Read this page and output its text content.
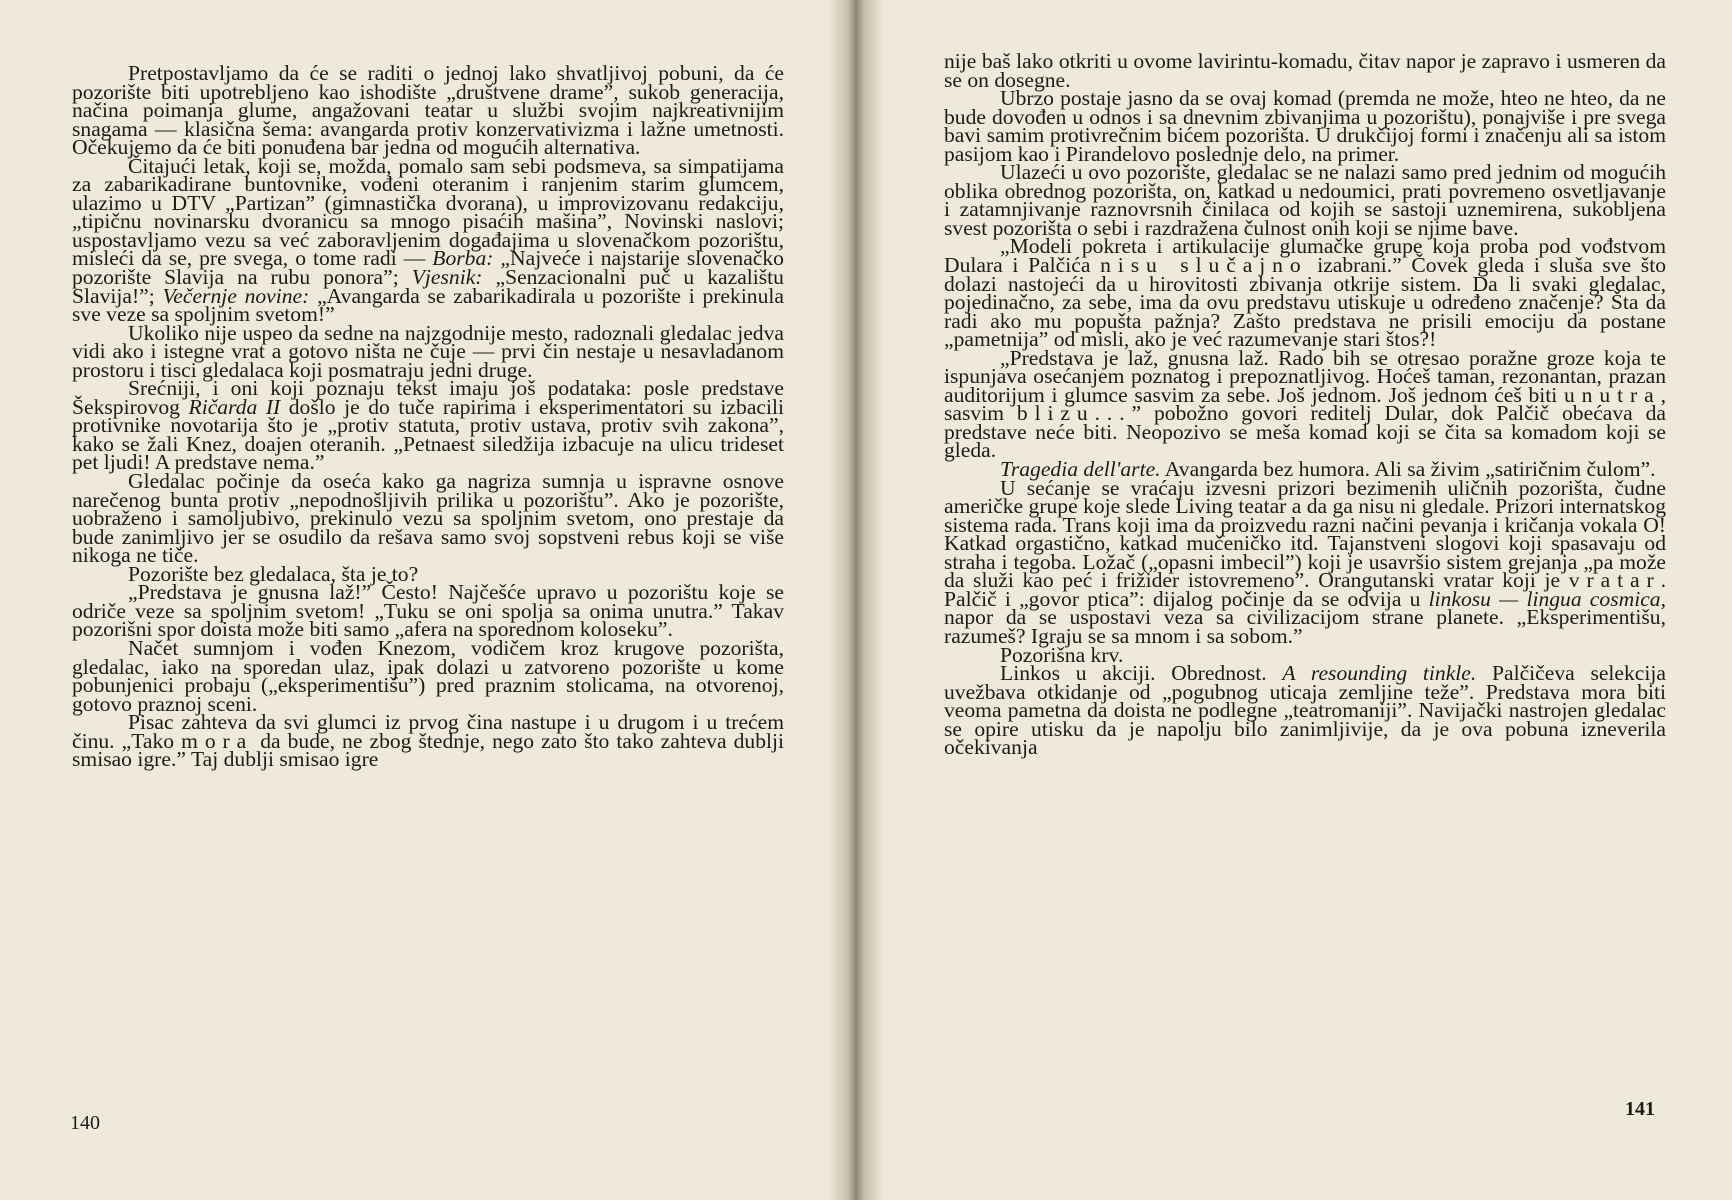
Pretpostavljamo da će se raditi o jednoj lako shvatljivoj pobuni, da će pozorište biti upotrebljeno kao ishodište „društvene drame”, sukob generacija, načina poimanja glume, angažovani teatar u službi svojim najkreativnijim snagama — klasična šema: avangarda protiv konzervativizma i lažne umetnosti. Očekujemo da će biti ponuđena bar jedna od mogućih alternativa.

Čitajući letak, koji se, možda, pomalo sam sebi podsmeva, sa simpatijama za zabarikadirane buntovnike, vođeni oteranim i ranjenim starim glumcem, ulazimo u DTV „Partizan” (gimnastička dvorana), u improvizovanu redakciju, „tipičnu novinarsku dvoranicu sa mnogo pisaćih mašina”, Novinski naslovi; uspostavljamo vezu sa već zaboravljenim događajima u slovenačkom pozorištu, misleći da se, pre svega, o tome radi — Borba: „Najveće i najstarije slovenačko pozorište Slavija na rubu ponora”; Vjesnik: „Senzacionalni puč u kazalištu Slavija!”; Večernje novine: „Avangarda se zabarikadirala u pozorište i prekinula sve veze sa spoljnim svetom!”

Ukoliko nije uspeo da sedne na najzgodnije mesto, radoznali gledalac jedva vidi ako i istegne vrat a gotovo ništa ne čuje — prvi čin nestaje u nesavladanom prostoru i tisci gledalaca koji posmatraju jedni druge.

Srećniji, i oni koji poznaju tekst imaju još podataka: posle predstave Šekspirovog Ričarda II došlo je do tuče rapirima i eksperimentatori su izbacili protivnike novotarija što je „protiv statuta, protiv ustava, protiv svih zakona”, kako se žali Knez, doajen oteranih. „Petnaest siledžija izbacuje na ulicu trideset pet ljudi! A predstave nema.”

Gledalac počinje da oseća kako ga nagriza sumnja u ispravne osnove narečenog bunta protiv „nepodnošljivih prilika u pozorištu”. Ako je pozorište, uobraženo i samoljubivo, prekinulo vezu sa spoljnim svetom, ono prestaje da bude zanimljivo jer se osudilo da rešava samo svoj sopstveni rebus koji se više nikoga ne tiče.

Pozorište bez gledalaca, šta je to?

„Predstava je gnusna laž!” Često! Najčešće upravo u pozorištu koje se odriče veze sa spoljnim svetom! „Tuku se oni spolja sa onima unutra.” Takav pozorišni spor doista može biti samo „afera na sporednom koloseku”.

Načet sumnjom i vođen Knezom, vodičem kroz krugove pozorišta, gledalac, iako na sporedan ulaz, ipak dolazi u zatvoreno pozorište u kome pobunjenici probaju („eksperimentišu”) pred praznim stolicama, na otvorenoj, gotovo praznoj sceni.

Pisac zahteva da svi glumci iz prvog čina nastupe i u drugom i u trećem činu. „Tako mora da bude, ne zbog štednje, nego zato što tako zahteva dublji smisao igre.” Taj dublji smisao igre

140

nije baš lako otkriti u ovome lavirintu-komadu, čitav napor je zapravo i usmeren da se on dosegne.

Ubrzo postaje jasno da se ovaj komad (premda ne može, hteo ne hteo, da ne bude dovođen u odnos i sa dnevnim zbivanjima u pozorištu), ponajviše i pre svega bavi samim protivrečnim bićem pozorišta. U drukčijoj formi i značenju ali sa istom pasijom kao i Pirandelovo poslednje delo, na primer.

Ulazeći u ovo pozorište, gledalac se ne nalazi samo pred jednim od mogućih oblika obrednog pozorišta, on, katkad u nedoumici, prati povremeno osvetljavanje i zatamnjivanje raznovrsnih činilaca od kojih se sastoji uznemirena, sukobljena svest pozorišta o sebi i razdražena čulnost onih koji se njime bave.

„Modeli pokreta i artikulacije glumačke grupe koja proba pod vođstvom Dulara i Palčića nisu slučajno izabrani.” Čovek gleda i sluša sve što dolazi nastojeći da u hirovitosti zbivanja otkrije sistem. Da li svaki gledalac, pojedinačno, za sebe, ima da ovu predstavu utiskuje u određeno značenje? Šta da radi ako mu popušta pažnja? Zašto predstava ne prisili emociju da postane „pametnija” od misli, ako je već razumevanje stari štos?!

„Predstava je laž, gnusna laž. Rado bih se otresao poražne groze koja te ispunjava osećanjem poznatog i prepoznatljivog. Hoćeš taman, rezonantan, prazan auditorijum i glumce sasvim za sebe. Još jednom. Još jednom ćeš biti unutra, sasvim blizu...” pobožno govori reditelj Dular, dok Palčič obećava da predstave neće biti. Neopozivo se meša komad koji se čita sa komadom koji se gleda.

Tragedia dell'arte. Avangarda bez humora. Ali sa živim „satiričnim čulom”.

U sećanje se vraćaju izvesni prizori bezimenih uličnih pozorišta, čudne američke grupe koje slede Living teatar a da ga nisu ni gledale. Prizori internatskog sistema rada. Trans koji ima da proizvedu razni načini pevanja i kričanja vokala O! Katkad orgastično, katkad mučeničko itd. Tajanstveni slogovi koji spasavaju od straha i tegoba. Ložač („opasni imbecil”) koji je usavršio sistem grejanja „pa može da služi kao peć i frižider istovremeno”. Orangutanski vratar koji je vratar. Palčič i „govor ptica”: dijalog počinje da se odvija u linkosu — lingua cosmica, napor da se uspostavi veza sa civilizacijom strane planete. „Eksperimentišu, razumeš? Igraju se sa mnom i sa sobom.”

Pozorišna krv.

Linkos u akciji. Obrednost. A resounding tinkle. Palčičeva selekcija uvežbava otkidanje od „pogubnog uticaja zemljine teže”. Predstava mora biti veoma pametna da doista ne podlegne „teatromaniji”. Navijački nastrojen gledalac se opire utisku da je napolju bilo zanimljivije, da je ova pobuna izneverila očekivanja

141
